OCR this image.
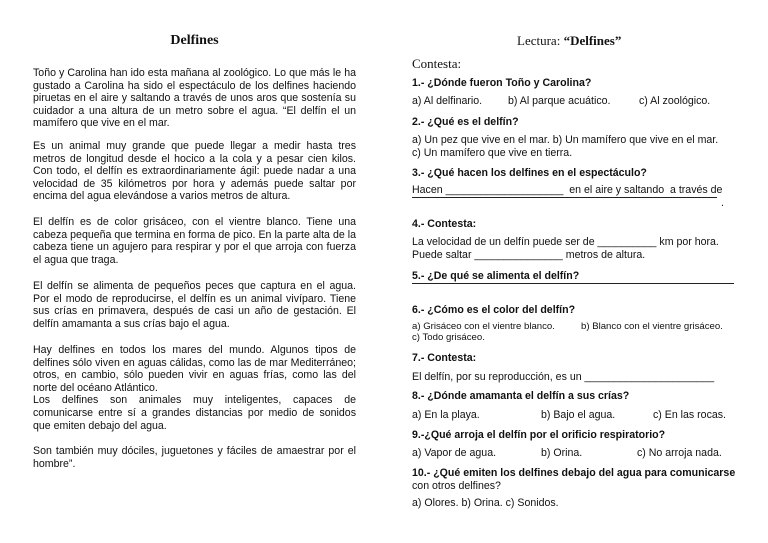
Delfines

Toño y Carolina han ido esta mañana al zoológico. Lo que más le ha gustado a Carolina ha sido el espectáculo de los delfines haciendo piruetas en el aire y saltando a través de unos aros que sostenía su cuidador a una altura de un metro sobre el agua. “El delfín el un mamífero que vive en el mar.

Es un animal muy grande que puede llegar a medir hasta tres metros de longitud desde el hocico a la cola y a pesar cien kilos. Con todo, el delfín es extraordinariamente ágil: puede nadar a una velocidad de 35 kilómetros por hora y además puede saltar por encima del agua elevándose a varios metros de altura.

El delfín es de color grisáceo, con el vientre blanco. Tiene una cabeza pequeña que termina en forma de pico. En la parte alta de la cabeza tiene un agujero para respirar y por el que arroja con fuerza el agua que traga.

El delfín se alimenta de pequeños peces que captura en el agua. Por el modo de reproducirse, el delfín es un animal vivíparo. Tiene sus crías en primavera, después de casi un año de gestación. El delfín amamanta a sus crías bajo el agua.

Hay delfines en todos los mares del mundo. Algunos tipos de delfines sólo viven en aguas cálidas, como las de mar Mediterráneo; otros, en cambio, sólo pueden vivir en aguas frías, como las del norte del océano Atlántico.
Los delfines son animales muy inteligentes, capaces de comunicarse entre sí a grandes distancias por medio de sonidos que emiten debajo del agua.

Son también muy dóciles, juguetones y fáciles de amaestrar por el hombre”.

Lectura: “Delfines”
Contesta:
1.- ¿Dónde fueron Toño y Carolina?
a) Al delfinario. b) Al parque acuático.	c) Al zoológico.
2.- ¿Qué es el delfín?
a) Un pez que vive en el mar. b) Un mamífero que vive en el mar.
c) Un mamífero que vive en tierra.
3.- ¿Qué hacen los delfines en el espectáculo?
Hacen ____________________  en el aire y saltando  a través de
.
4.- Contesta:
La velocidad de un delfín puede ser de __________ km por hora.
Puede saltar _______________ metros de altura.
5.- ¿De qué se alimenta el delfín?
6.- ¿Cómo es el color del delfín?
a) Grisáceo con el vientre blanco.	b) Blanco con el vientre grisáceo.
c) Todo grisáceo.
7.- Contesta:
El delfín, por su reproducción, es un ______________________
8.- ¿Dónde amamanta el delfín a sus crías?
a) En la playa.	b) Bajo el agua.	c) En las rocas.
9.-¿Qué arroja el delfín por el orificio respiratorio?
a) Vapor de agua.	b) Orina.	c) No arroja nada.
10.- ¿Qué emiten los delfines debajo del agua para comunicarse con otros delfines?
a) Olores. b) Orina. c) Sonidos.
